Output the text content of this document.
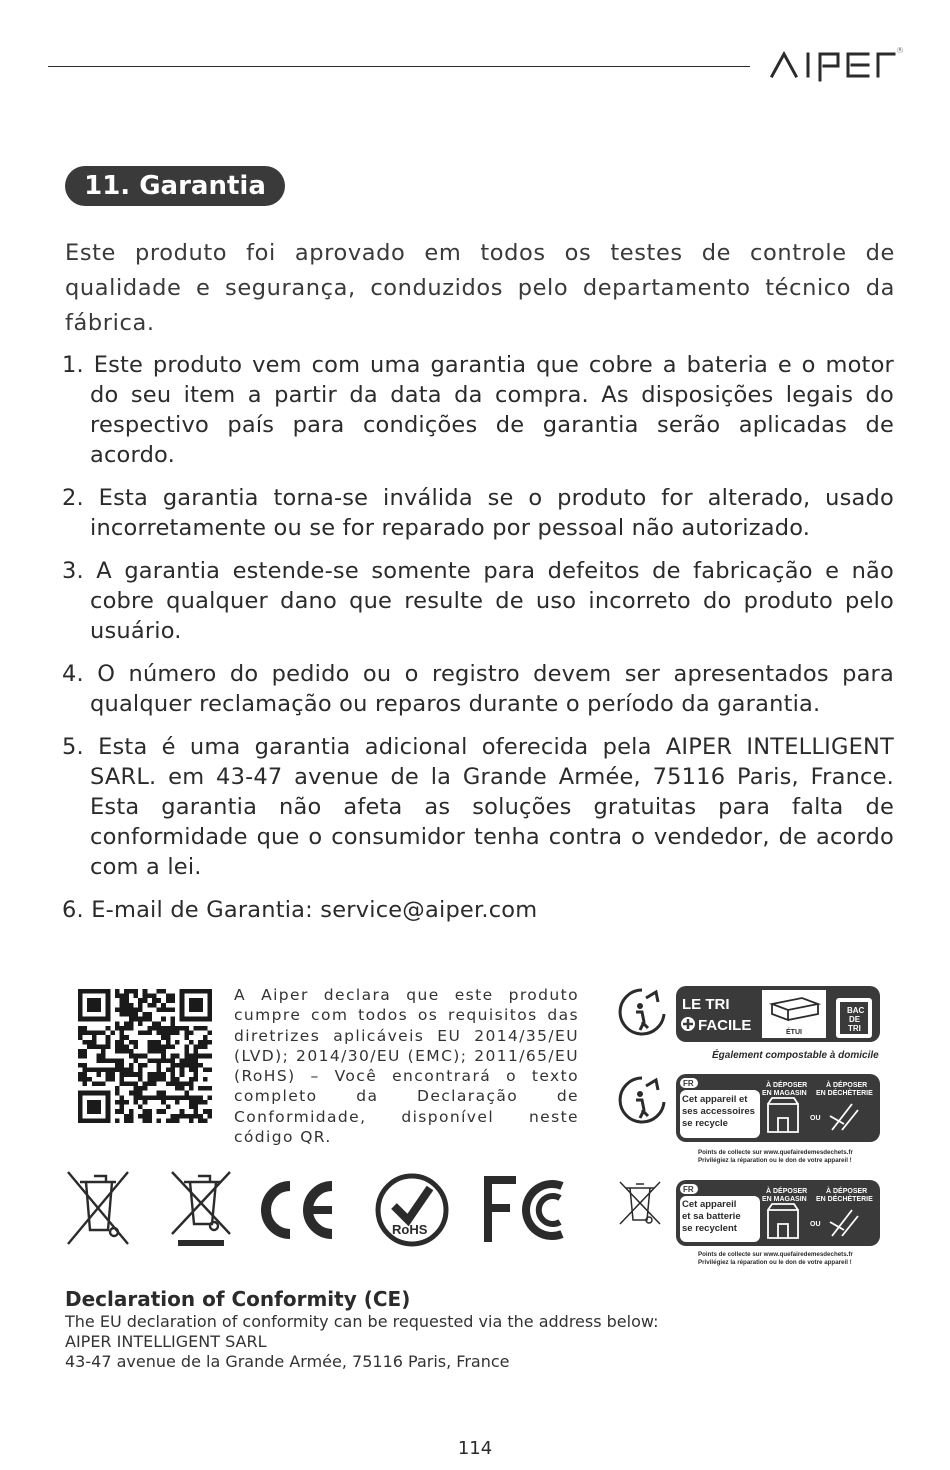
®
11. Garantia
Este produto foi aprovado em todos os testes de controle de qualidade e segurança, conduzidos pelo departamento técnico da fábrica.
1. Este produto vem com uma garantia que cobre a bateria e o motor do seu item a partir da data da compra. As disposições legais do respectivo país para condições de garantia serão aplicadas de acordo.
2. Esta garantia torna-se inválida se o produto for alterado, usado incorretamente ou se for reparado por pessoal não autorizado.
3. A garantia estende-se somente para defeitos de fabricação e não cobre qualquer dano que resulte de uso incorreto do produto pelo usuário.
4. O número do pedido ou o registro devem ser apresentados para qualquer reclamação ou reparos durante o período da garantia.
5. Esta é uma garantia adicional oferecida pela AIPER INTELLIGENT SARL. em 43-47 avenue de la Grande Armée, 75116 Paris, France. Esta garantia não afeta as soluções gratuitas para falta de conformidade que o consumidor tenha contra o vendedor, de acordo com a lei.
6. E-mail de Garantia: service@aiper.com
A Aiper declara que este produto cumpre com todos os requisitos das diretrizes aplicáveis EU 2014/35/EU (LVD); 2014/30/EU (EMC); 2011/65/EU (RoHS) – Você encontrará o texto completo da Declaração de Conformidade, disponível neste código QR.
LE TRI
FACILE	ÉTUI
BAC
DE
TRI
Également compostable à domicile
FR
Cet appareil et
ses accessoires
se recycle
À DÉPOSER
EN MAGASIN
À DÉPOSER
EN DÉCHÈTERIE
OU
Points de collecte sur www.quefairedemesdechets.fr
Privilégiez la réparation ou le don de votre appareil !
FR
Cet appareil
et sa batterie
se recyclent
À DÉPOSER
EN MAGASIN
À DÉPOSER
EN DÉCHÈTERIE
OU
Points de collecte sur www.quefairedemesdechets.fr
Privilégiez la réparation ou le don de votre appareil !
RoHS
Declaration of Conformity (CE)
The EU declaration of conformity can be requested via the address below:
AIPER INTELLIGENT SARL
43-47 avenue de la Grande Armée, 75116 Paris, France
114
